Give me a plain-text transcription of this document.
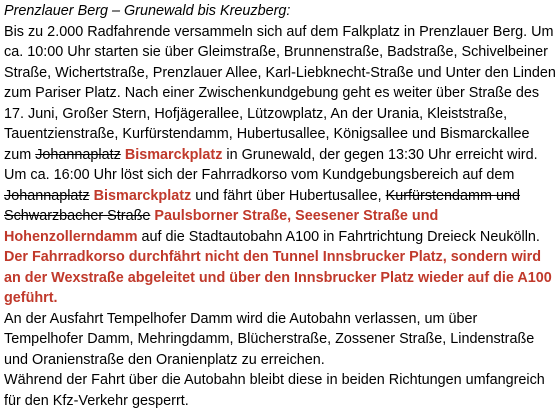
Prenzlauer Berg – Grunewald bis Kreuzberg:

Bis zu 2.000 Radfahrende versammeln sich auf dem Falkplatz in Prenzlauer Berg. Um ca. 10:00 Uhr starten sie über Gleimstraße, Brunnenstraße, Badstraße, Schivelbeiner Straße, Wichertstraße, Prenzlauer Allee, Karl-Liebknecht-Straße und Unter den Linden zum Pariser Platz. Nach einer Zwischenkundgebung geht es weiter über Straße des 17. Juni, Großer Stern, Hofjägerallee, Lützowplatz, An der Urania, Kleiststraße, Tauentzienstraße, Kurfürstendamm, Hubertusallee, Königsallee und Bismarckallee zum Johannaplatz Bismarckplatz in Grunewald, der gegen 13:30 Uhr erreicht wird.

Um ca. 16:00 Uhr löst sich der Fahrradkorso vom Kundgebungsbereich auf dem Johannaplatz Bismarckplatz und fährt über Hubertusallee, Kurfürstendamm und Schwarzbacher Straße Paulsborner Straße, Seesener Straße und Hohenzollerndamm auf die Stadtautobahn A100 in Fahrtrichtung Dreieck Neukölln.

Der Fahrradkorso durchfährt nicht den Tunnel Innsbrucker Platz, sondern wird an der Wexstraße abgeleitet und über den Innsbrucker Platz wieder auf die A100 geführt.

An der Ausfahrt Tempelhofer Damm wird die Autobahn verlassen, um über Tempelhofer Damm, Mehringdamm, Blücherstraße, Zossener Straße, Lindenstraße und Oranienstraße den Oranienplatz zu erreichen.

Während der Fahrt über die Autobahn bleibt diese in beiden Richtungen umfangreich für den Kfz-Verkehr gesperrt.
